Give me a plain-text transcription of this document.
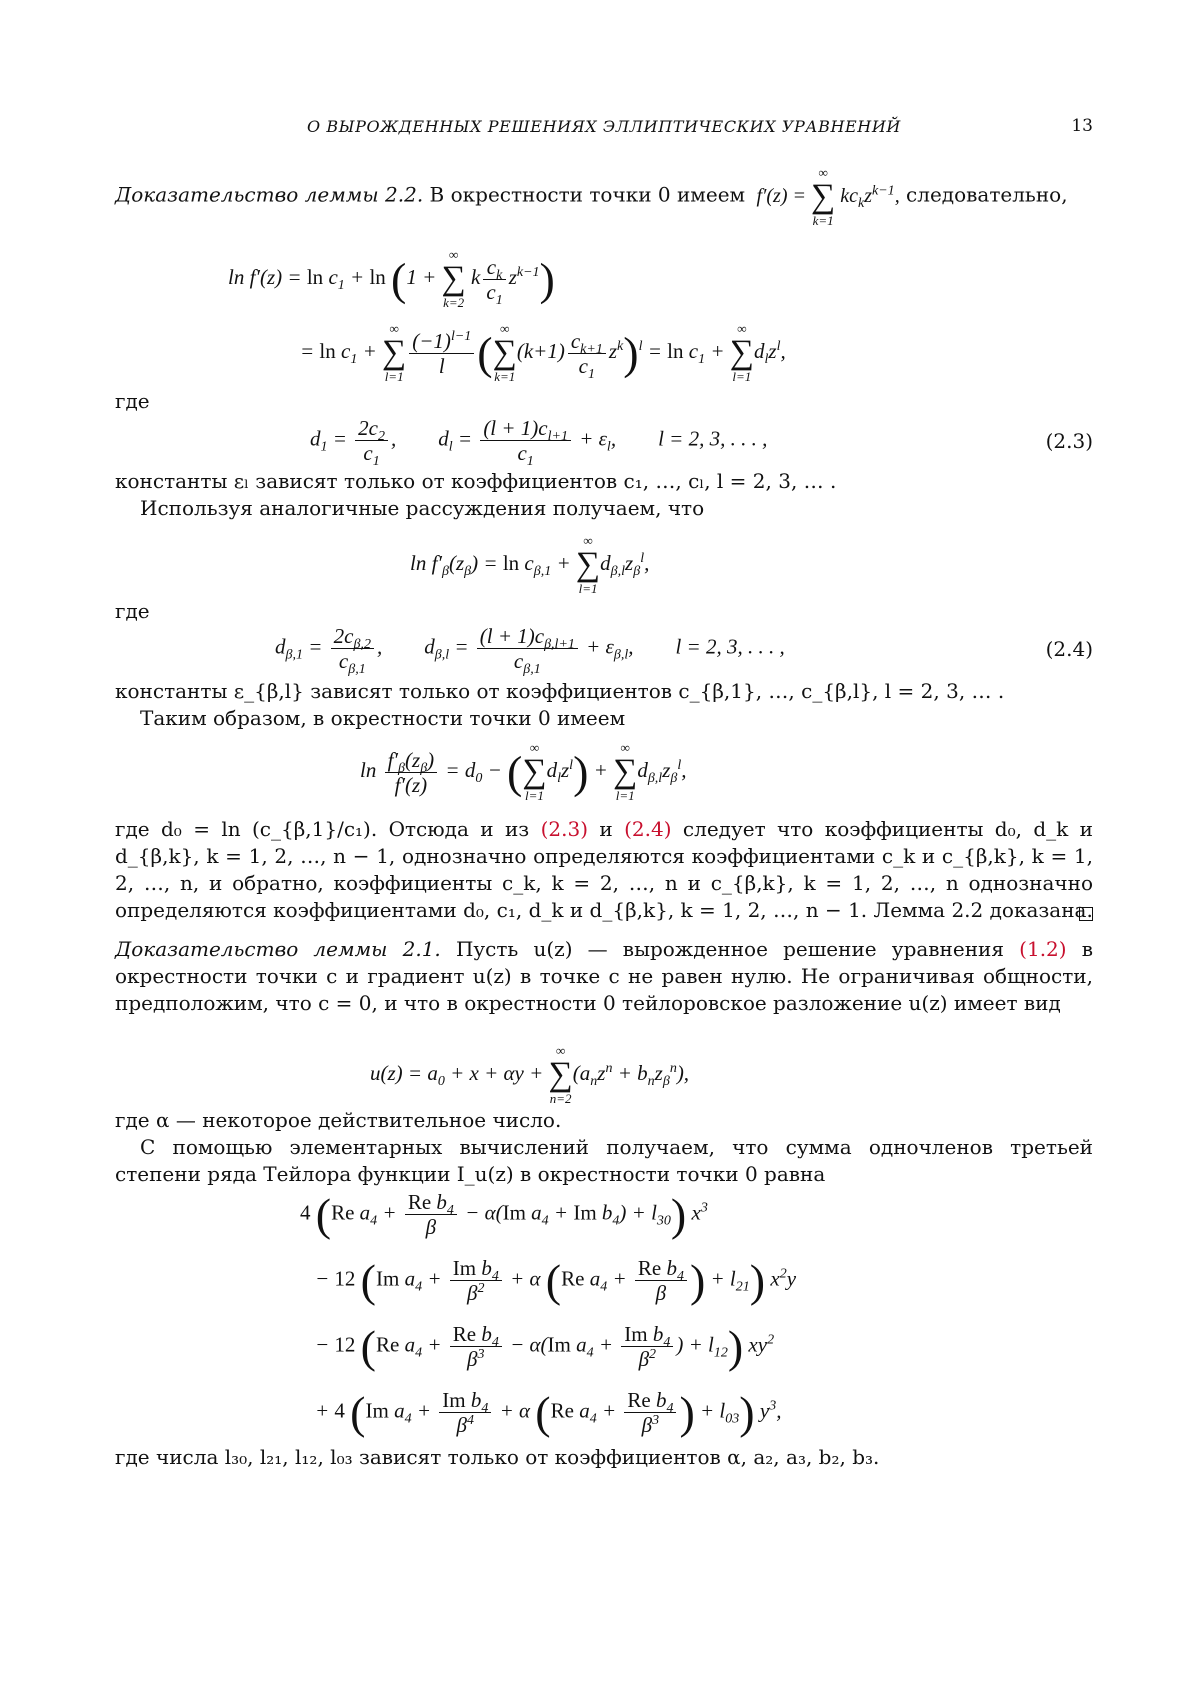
О ВЫРОЖДЕННЫХ РЕШЕНИЯХ ЭЛЛИПТИЧЕСКИХ УРАВНЕНИЙ	13

Доказательство леммы 2.2. В окрестности точки 0 имеем  f′(z) = ∞
∑
k=1 $kc_kz^{k-1}$, следовательно,

$\ln f'(z) = \ln c_1 + \ln (1$ + ∞
∑
k=2 k $\frac{c_k}{c_1} z^{k-1}$)
= $\ln c_1$ + ∞
∑
$l=1 \frac{(-1)^{l-1}}{l}$ ( ∞
∑
$k=1(k+1) \frac{c_{k+1}}{c_1} z^k)^l = \ln c_1$ + ∞
∑
$l=1d_lz^l$,

где

$d_1 = \frac{2c_2}{c_1}$ ,        $d_l = \frac{(l + 1)c_{l+1}}{c_1} + \varepsilon_l$,        l = 2, 3, . . . ,	(2.3)

константы εₗ зависят только от коэффициентов c₁, …, cₗ, l = 2, 3, … .

Используя аналогичные рассуждения получаем, что

$\ln f'_\beta(z_\beta) = \ln c_{\beta,1}$ + ∞
∑
$l=1d_{\beta,l}z_\beta^l$,

где

$d_{\beta,1} = \frac{2c_{\beta,2}}{c_{\beta,1}}$ ,        $d_{\beta,l} = \frac{(l + 1)c_{\beta,l+1}}{c_{\beta,1}} + \varepsilon_{\beta,l}$,        l = 2, 3, . . . ,	(2.4)

константы ε_{β,l} зависят только от коэффициентов c_{β,1}, …, c_{β,l}, l = 2, 3, … .

Таким образом, в окрестности точки 0 имеем

$\ln \frac{f'_\beta(z_\beta)}{f'(z)} = d_0$ − ( ∞
∑
$l=1d_lz^l$) + ∞
∑
$l=1d_{\beta,l}z_\beta^l$,

где d₀ = ln (c_{β,1}/c₁). Отсюда и из (2.3) и (2.4) следует что коэффициенты d₀, d_k и d_{β,k}, k = 1, 2, …, n − 1, однозначно определяются коэффициентами c_k и c_{β,k}, k = 1, 2, …, n, и обратно, коэффициенты c_k, k = 2, …, n и c_{β,k}, k = 1, 2, …, n однозначно определяются коэффициентами d₀, c₁, d_k и d_{β,k}, k = 1, 2, …, n − 1. Лемма 2.2 доказана.

Доказательство леммы 2.1. Пусть u(z) — вырожденное решение уравнения (1.2) в окрестности точки c и градиент u(z) в точке c не равен нулю. Не ограничивая общности, предположим, что c = 0, и что в окрестности 0 тейлоровское разложение u(z) имеет вид

$u(z) = a_0 + x + \alpha y$ + ∞
∑
$n=2(a_nz^n + b_nz_\beta^n)$,

где α — некоторое действительное число.

С помощью элементарных вычислений получаем, что сумма одночленов третьей степени ряда Тейлора функции I_u(z) в окрестности точки 0 равна

4 (Re $a_4 + \frac{Re b_4}{\beta} - \alpha(Im$ $a_4 + Im$ $b_4) + l_{30}$) $x^3$
− 12 (Im $a_4 + \frac{Im b_4}{\beta^2} + \alpha$ (Re $a_4 + \frac{Re b_4}{\beta}$ ) + $l_{21}$) $x^2y$
− 12 (Re $a_4 + \frac{Re b_4}{\beta^3} - \alpha(Im$ $a_4 + \frac{Im b_4}{\beta^2}$ ) + $l_{12}$) $xy^2$
+ 4 (Im $a_4 + \frac{Im b_4}{\beta^4} + \alpha$ (Re $a_4 + \frac{Re b_4}{\beta^3}$ ) + $l_{03}$) $y^3$,

где числа l₃₀, l₂₁, l₁₂, l₀₃ зависят только от коэффициентов α, a₂, a₃, b₂, b₃.
